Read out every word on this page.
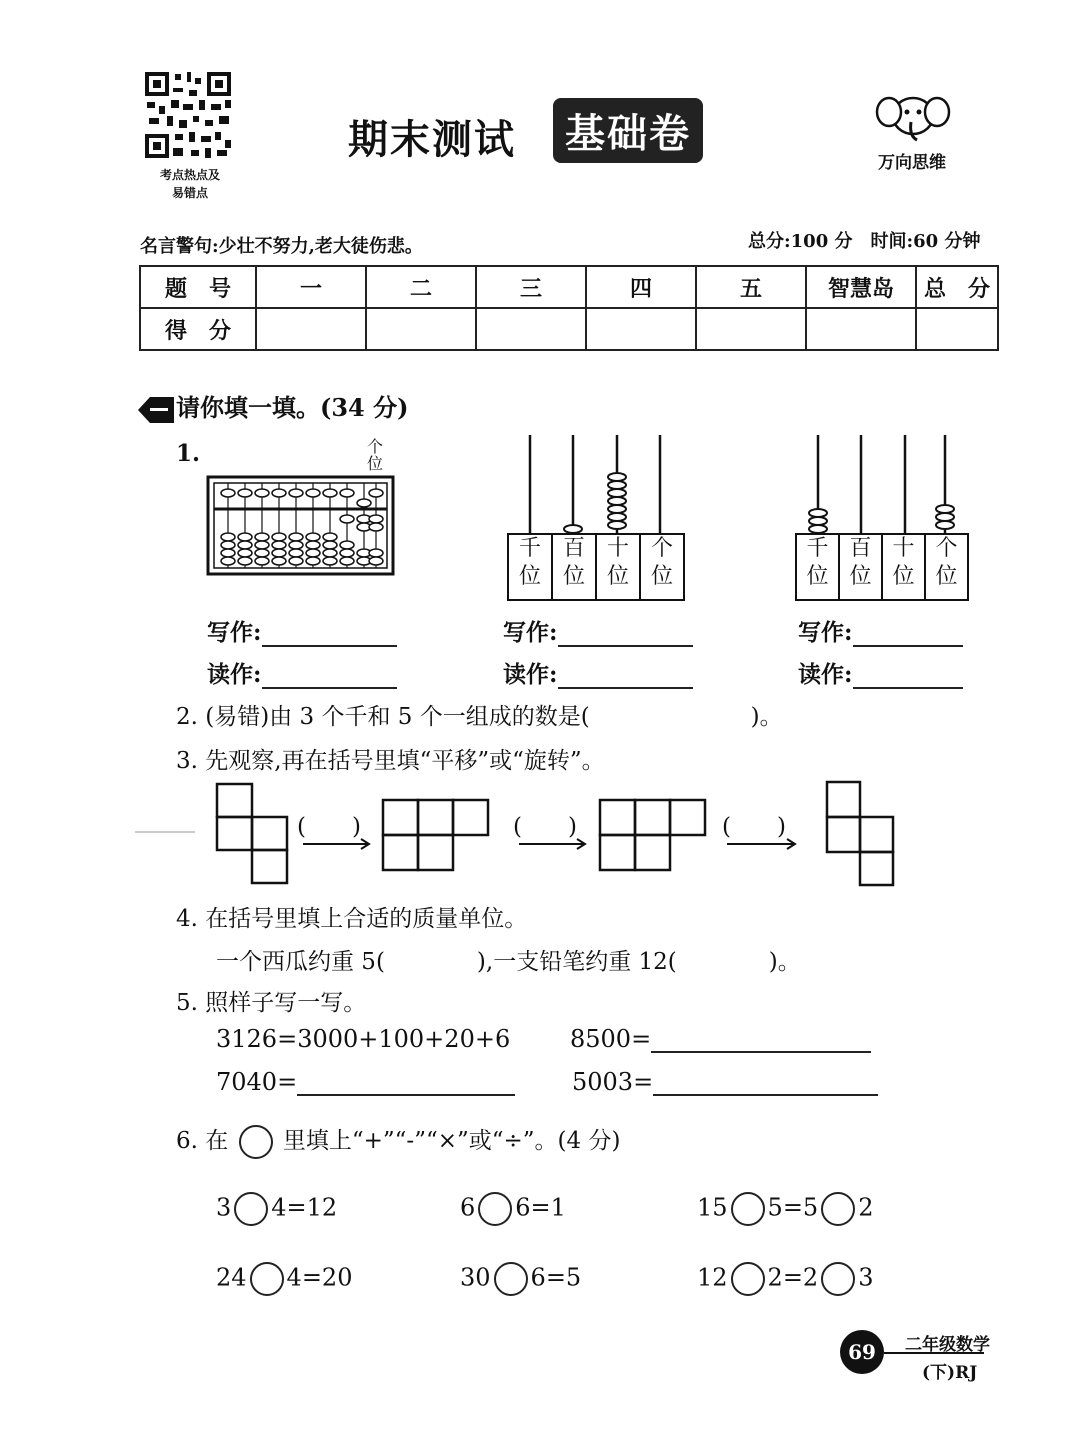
考点热点及
易错点
期末测试	基础卷
万向思维
名言警句:少壮不努力,老大徒伤悲。	总分:100 分　时间:60 分钟
题　号	一	二	三	四	五	智慧岛	总　分
得　分							
请你填一填。(34 分)
1.	个位
千位
百位
十位
个位
千位
百位
十位
个位
写作:
读作:
写作:
读作:
写作:
读作:
2. (易错)由 3 个千和 5 个一组成的数是(　　　　　　　)。
3. 先观察,再在括号里填“平移”或“旋转”。
(　　)	(　　)	(　　)
4. 在括号里填上合适的质量单位。
一个西瓜约重 5(　　　　),一支铅笔约重 12(　　　　)。
5. 照样子写一写。
3126=3000+100+20+6 8500=
7040=	5003=
6. 在 里填上“+”“-”“×”或“÷”。(4 分)
3 4=12	6 6=1	15 5=5 2
24 4=20	30 6=5	12 2=2 3
69	二年级数学
(下)RJ
